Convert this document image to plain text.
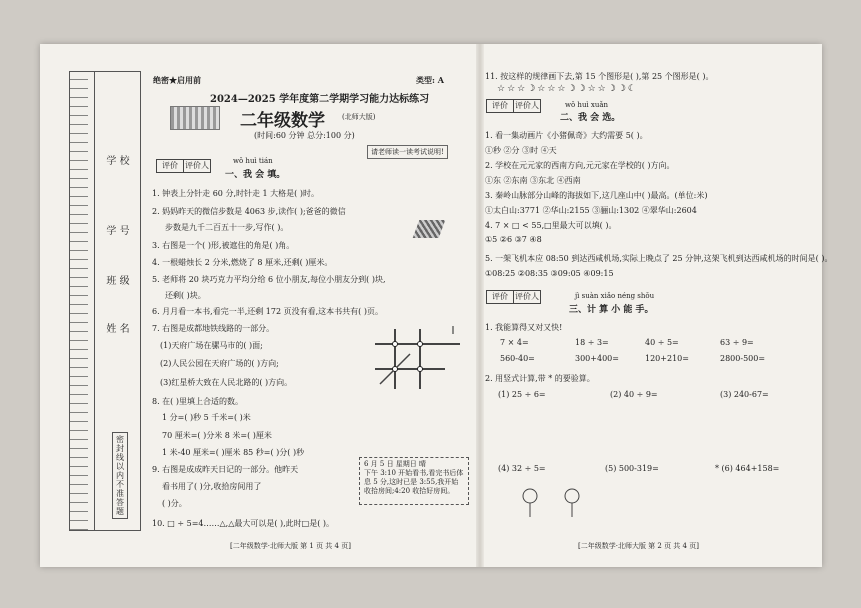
学 校
学 号
班 级
姓 名
密封线以内不准答题
绝密★启用前	类型: A
2024—2025 学年度第二学期学习能力达标练习
二年级数学 (北师大版)
(时间:60 分钟 总分:100 分)
请老师读一读考试说明!
评价 评价人	wǒ huì tián
一、我 会 填。
1. 钟表上分针走 60 分,时针走 1 大格是( )时。
2. 妈妈昨天的微信步数是 4063 步,读作( );爸爸的微信
步数是九千二百五十一步,写作( )。
3. 右图是一个( )形,被遮住的角是( )角。
4. 一根蜡烛长 2 分米,燃烧了 8 厘米,还剩( )厘米。
5. 老师将 20 块巧克力平均分给 6 位小朋友,每位小朋友分到( )块,
还剩( )块。
6. 月月看一本书,看完一半,还剩 172 页没有看,这本书共有( )页。
7. 右图是成都地铁线路的一部分。
(1)天府广场在骡马市的( )面;
(2)人民公园在天府广场的( )方向;
(3)红星桥大致在人民北路的( )方向。
8. 在( )里填上合适的数。
1 分=( )秒 5 千米=( )米
70 厘米=( )分米 8 米=( )厘米
1 米-40 厘米=( )厘米 85 秒=( )分( )秒
9. 右图是成成昨天日记的一部分。他昨天
看书用了( )分,收拾房间用了
( )分。
6 月 5 日 星期日 晴
下午 3:10 开始看书,看完书后体息 5 分,这时已是 3:55,我开始收拾房间;4:20 收拾好房间。
10. □ ÷ 5=4……△,△最大可以是( ),此时□是( )。
[二年级数学·北师大版 第 1 页 共 4 页]
11. 按这样的规律画下去,第 15 个图形是( ),第 25 个图形是( )。
☆☆☆☽☆☆☆☽☽☆☆☽☽☾
评价 评价人	wǒ huì xuǎn
二、我 会 选。
1. 看一集动画片《小猪佩奇》大约需要 5( )。
①秒 ②分 ③时 ④天
2. 学校在元元家的西南方向,元元家在学校的( )方向。
①东 ②东南 ③东北 ④西南
3. 秦岭山脉部分山峰的海拔如下,这几座山中( )最高。(单位:米)
①太白山:3771 ②华山:2155 ③骊山:1302 ④翠华山:2604
4. 7 × □ < 55,□里最大可以填( )。
①5 ②6 ③7 ④8
5. 一架飞机本应 08:50 到达西咸机场,实际上晚点了 25 分钟,这架飞机到达西咸机场的时间是( )。
①08:25 ②08:35 ③09:05 ④09:15
评价 评价人	jì suàn xiǎo néng shǒu
三、计 算 小 能 手。
1. 我能算得又对又快!
7 × 4=	18 ÷ 3=	40 ÷ 5=	63 ÷ 9=
560-40=	300+400=	120+210=	2800-500=
2. 用竖式计算,带 * 的要验算。
(1) 25 ÷ 6=	(2) 40 ÷ 9=	(3) 240-67=
(4) 32 ÷ 5=	(5) 500-319=	* (6) 464+158=
[二年级数学·北师大版 第 2 页 共 4 页]
